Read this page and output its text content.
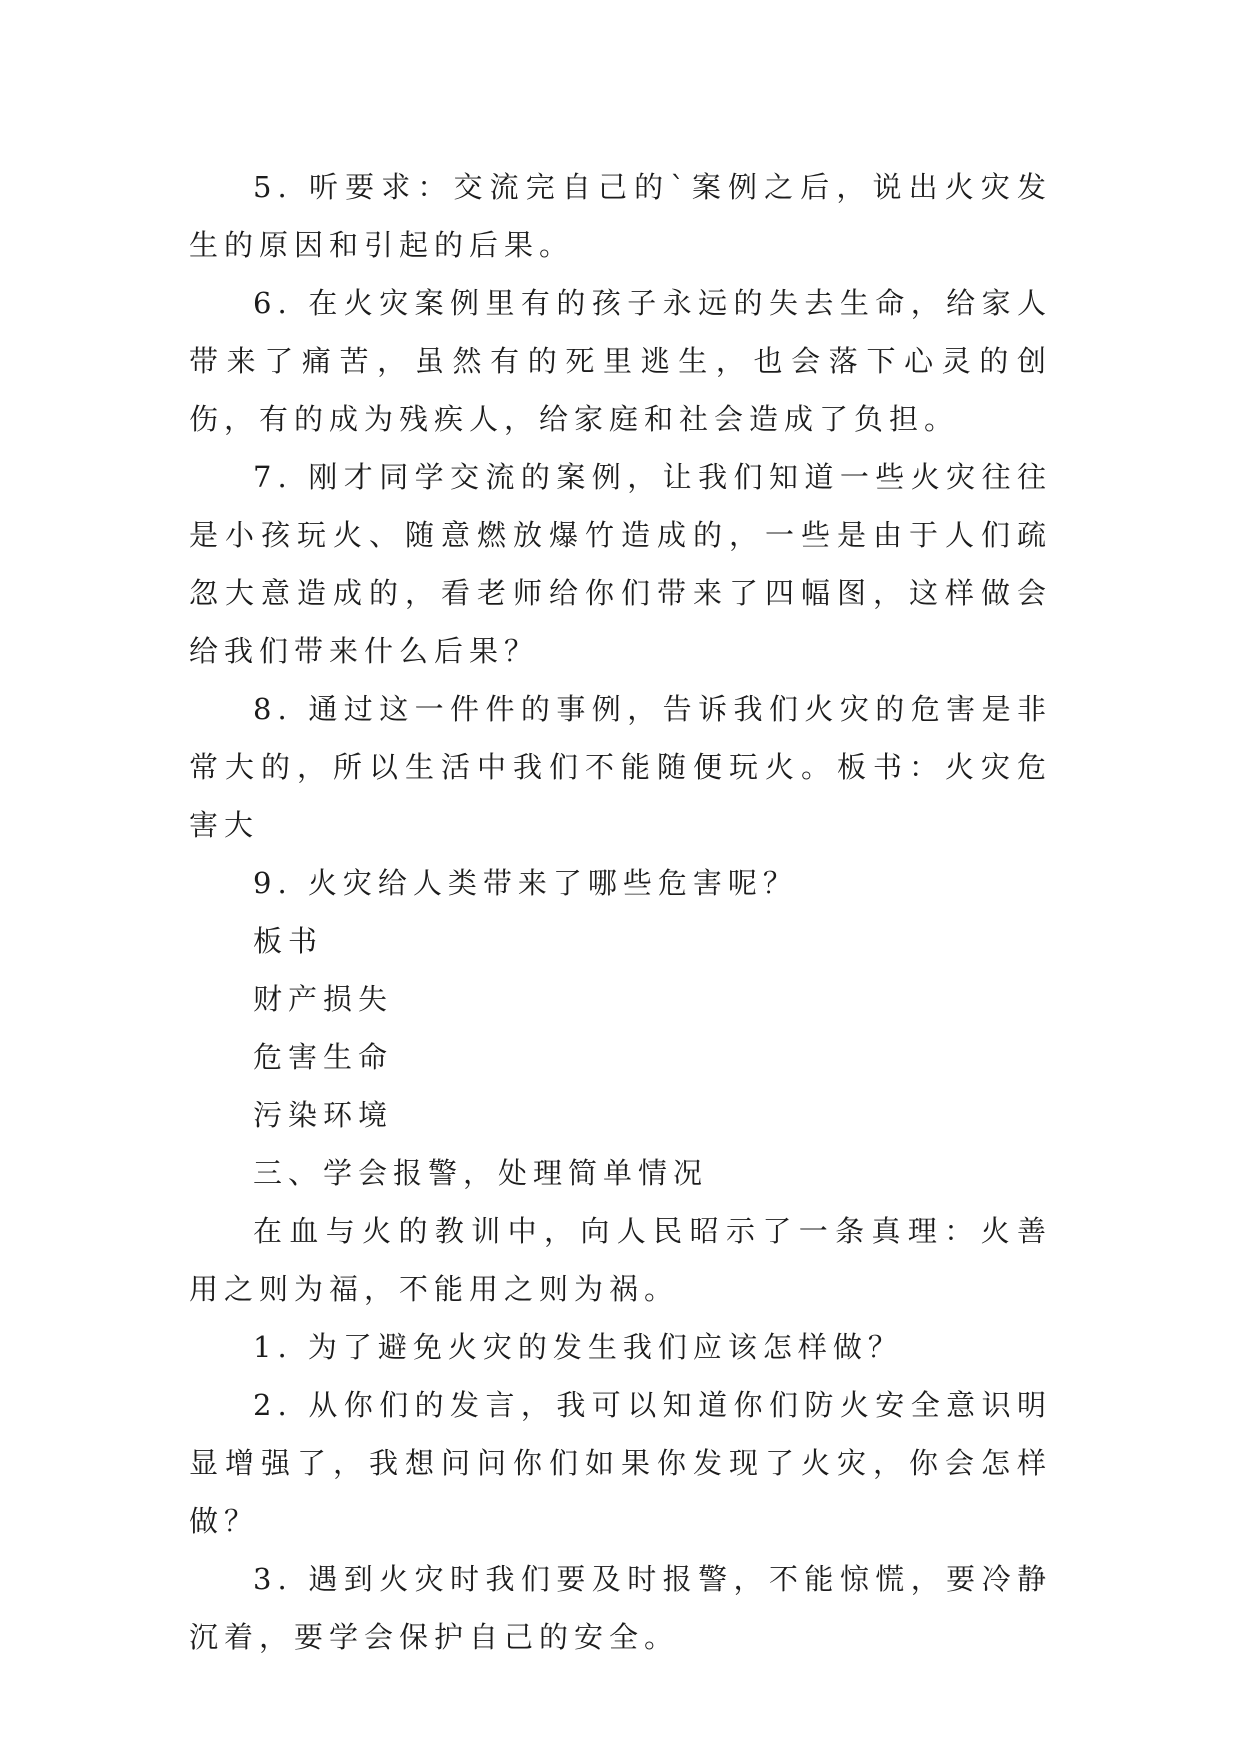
5. 听要求：交流完自己的`案例之后，说出火灾发生的原因和引起的后果。

6. 在火灾案例里有的孩子永远的失去生命，给家人带来了痛苦，虽然有的死里逃生，也会落下心灵的创伤，有的成为残疾人，给家庭和社会造成了负担。

7. 刚才同学交流的案例，让我们知道一些火灾往往是小孩玩火、随意燃放爆竹造成的，一些是由于人们疏忽大意造成的，看老师给你们带来了四幅图，这样做会给我们带来什么后果？

8. 通过这一件件的事例，告诉我们火灾的危害是非常大的，所以生活中我们不能随便玩火。板书：火灾危害大

9. 火灾给人类带来了哪些危害呢？

板书

财产损失

危害生命

污染环境

三、学会报警，处理简单情况

在血与火的教训中，向人民昭示了一条真理：火善用之则为福，不能用之则为祸。

1. 为了避免火灾的发生我们应该怎样做？

2. 从你们的发言，我可以知道你们防火安全意识明显增强了，我想问问你们如果你发现了火灾，你会怎样做？

3. 遇到火灾时我们要及时报警，不能惊慌，要冷静沉着，要学会保护自己的安全。
